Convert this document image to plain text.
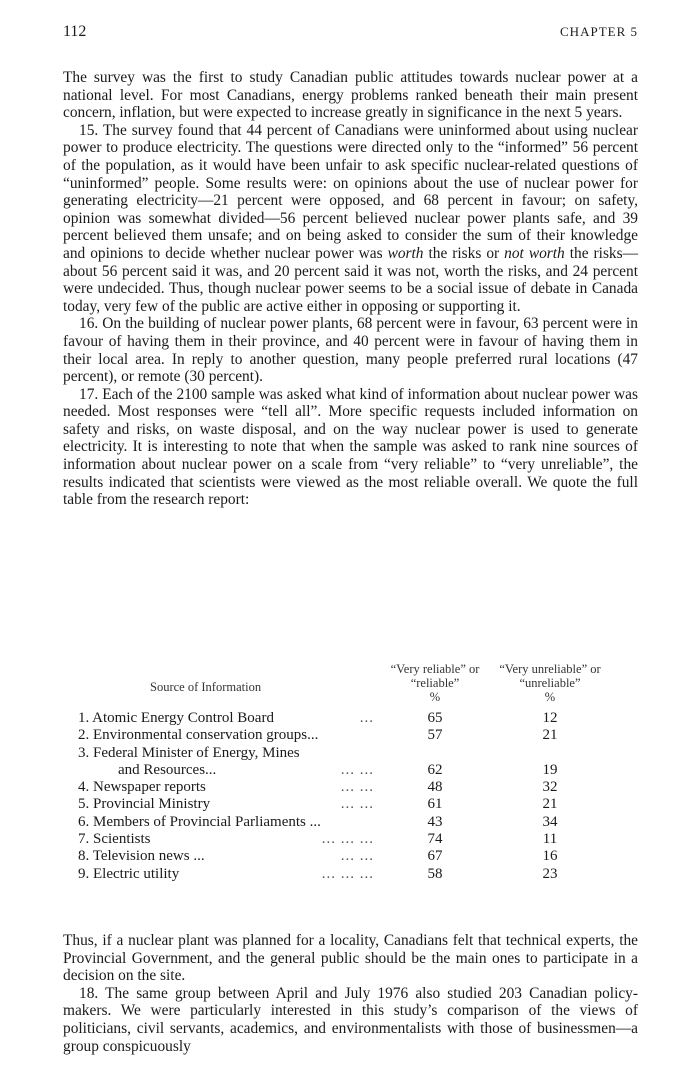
112	CHAPTER 5

The survey was the first to study Canadian public attitudes towards nuclear power at a national level. For most Canadians, energy problems ranked beneath their main present concern, inflation, but were expected to increase greatly in significance in the next 5 years.

15. The survey found that 44 percent of Canadians were uninformed about using nuclear power to produce electricity. The questions were directed only to the “informed” 56 percent of the population, as it would have been unfair to ask specific nuclear-related questions of “uninformed” people. Some results were: on opinions about the use of nuclear power for generating electricity—21 percent were opposed, and 68 percent in favour; on safety, opinion was somewhat divided—56 percent believed nuclear power plants safe, and 39 percent believed them unsafe; and on being asked to consider the sum of their knowledge and opinions to decide whether nuclear power was worth the risks or not worth the risks—about 56 percent said it was, and 20 percent said it was not, worth the risks, and 24 percent were undecided. Thus, though nuclear power seems to be a social issue of debate in Canada today, very few of the public are active either in opposing or supporting it.

16. On the building of nuclear power plants, 68 percent were in favour, 63 percent were in favour of having them in their province, and 40 percent were in favour of having them in their local area. In reply to another question, many people preferred rural locations (47 percent), or remote (30 percent).

17. Each of the 2100 sample was asked what kind of information about nuclear power was needed. Most responses were “tell all”. More specific requests included information on safety and risks, on waste disposal, and on the way nuclear power is used to generate electricity. It is interesting to note that when the sample was asked to rank nine sources of information about nuclear power on a scale from “very reliable” to “very unreliable”, the results indicated that scientists were viewed as the most reliable overall. We quote the full table from the research report:

Source of Information
“Very reliable” or “reliable”
“Very unreliable” or “unreliable”
%	%
1. Atomic Energy Control Board	...	65	12
2. Environmental conservation groups...	57	21
3. Federal Minister of Energy, Mines
and Resources...	... ...	62	19
4. Newspaper reports	... ...	48	32
5. Provincial Ministry	... ...	61	21
6. Members of Provincial Parliaments ...	43	34
7. Scientists	... ... ...	74	11
8. Television news ...	... ...	67	16
9. Electric utility	... ... ...	58	23

Thus, if a nuclear plant was planned for a locality, Canadians felt that technical experts, the Provincial Government, and the general public should be the main ones to participate in a decision on the site.

18. The same group between April and July 1976 also studied 203 Canadian policy-makers. We were particularly interested in this study’s comparison of the views of politicians, civil servants, academics, and environmentalists with those of businessmen—a group conspicuously
